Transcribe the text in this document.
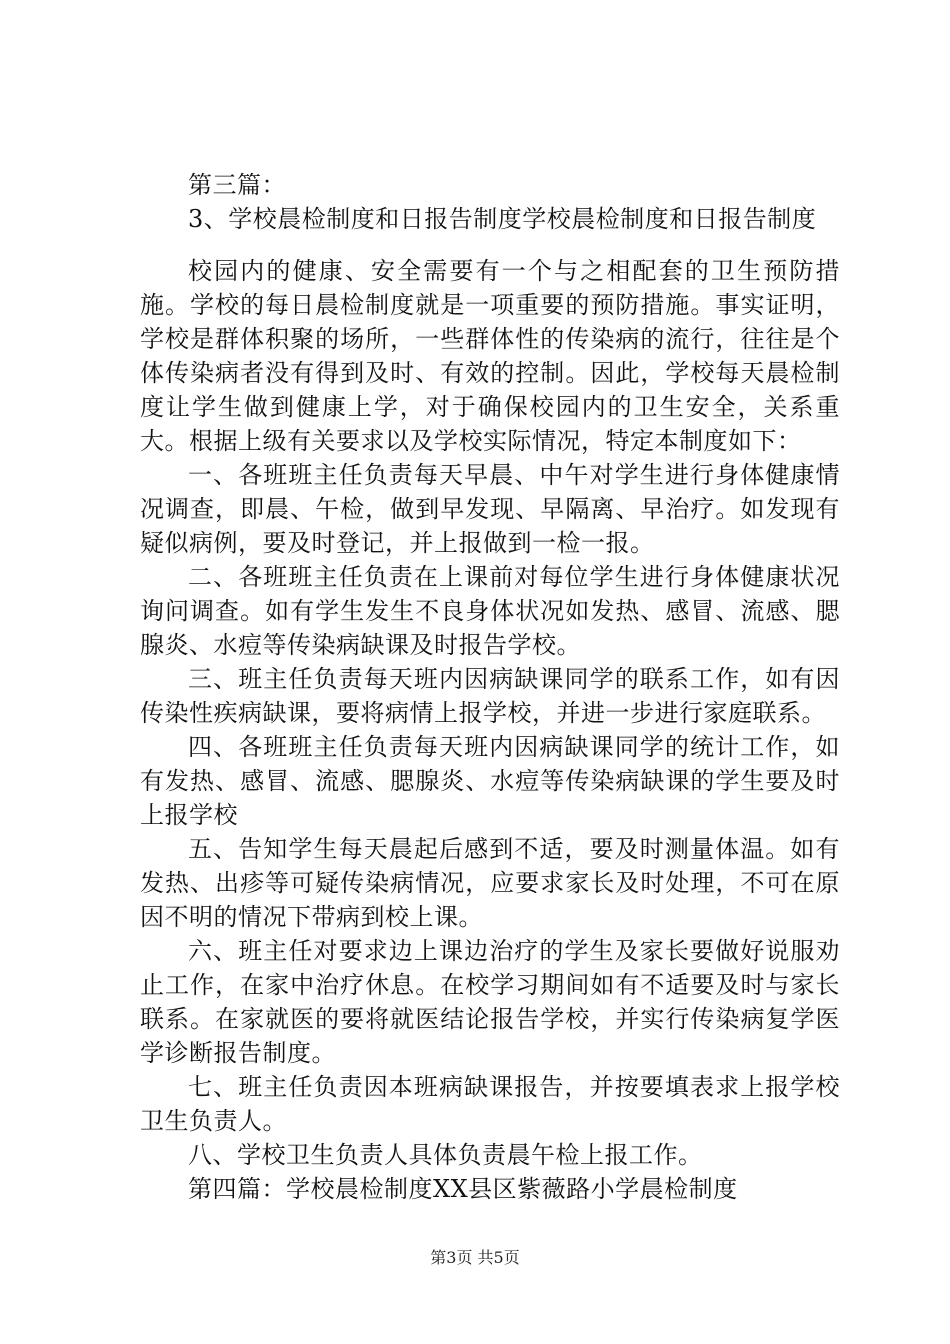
第三篇：

3、学校晨检制度和日报告制度学校晨检制度和日报告制度

校园内的健康、安全需要有一个与之相配套的卫生预防措施。学校的每日晨检制度就是一项重要的预防措施。事实证明，学校是群体积聚的场所，一些群体性的传染病的流行，往往是个体传染病者没有得到及时、有效的控制。因此，学校每天晨检制度让学生做到健康上学，对于确保校园内的卫生安全，关系重大。根据上级有关要求以及学校实际情况，特定本制度如下：

一、各班班主任负责每天早晨、中午对学生进行身体健康情况调查，即晨、午检，做到早发现、早隔离、早治疗。如发现有疑似病例，要及时登记，并上报做到一检一报。

二、各班班主任负责在上课前对每位学生进行身体健康状况询问调查。如有学生发生不良身体状况如发热、感冒、流感、腮腺炎、水痘等传染病缺课及时报告学校。

三、班主任负责每天班内因病缺课同学的联系工作，如有因传染性疾病缺课，要将病情上报学校，并进一步进行家庭联系。

四、各班班主任负责每天班内因病缺课同学的统计工作，如有发热、感冒、流感、腮腺炎、水痘等传染病缺课的学生要及时上报学校

五、告知学生每天晨起后感到不适，要及时测量体温。如有发热、出疹等可疑传染病情况，应要求家长及时处理，不可在原因不明的情况下带病到校上课。

六、班主任对要求边上课边治疗的学生及家长要做好说服劝止工作，在家中治疗休息。在校学习期间如有不适要及时与家长联系。在家就医的要将就医结论报告学校，并实行传染病复学医学诊断报告制度。

七、班主任负责因本班病缺课报告，并按要填表求上报学校卫生负责人。

八、学校卫生负责人具体负责晨午检上报工作。

第四篇：学校晨检制度XX县区紫薇路小学晨检制度

第3页 共5页
